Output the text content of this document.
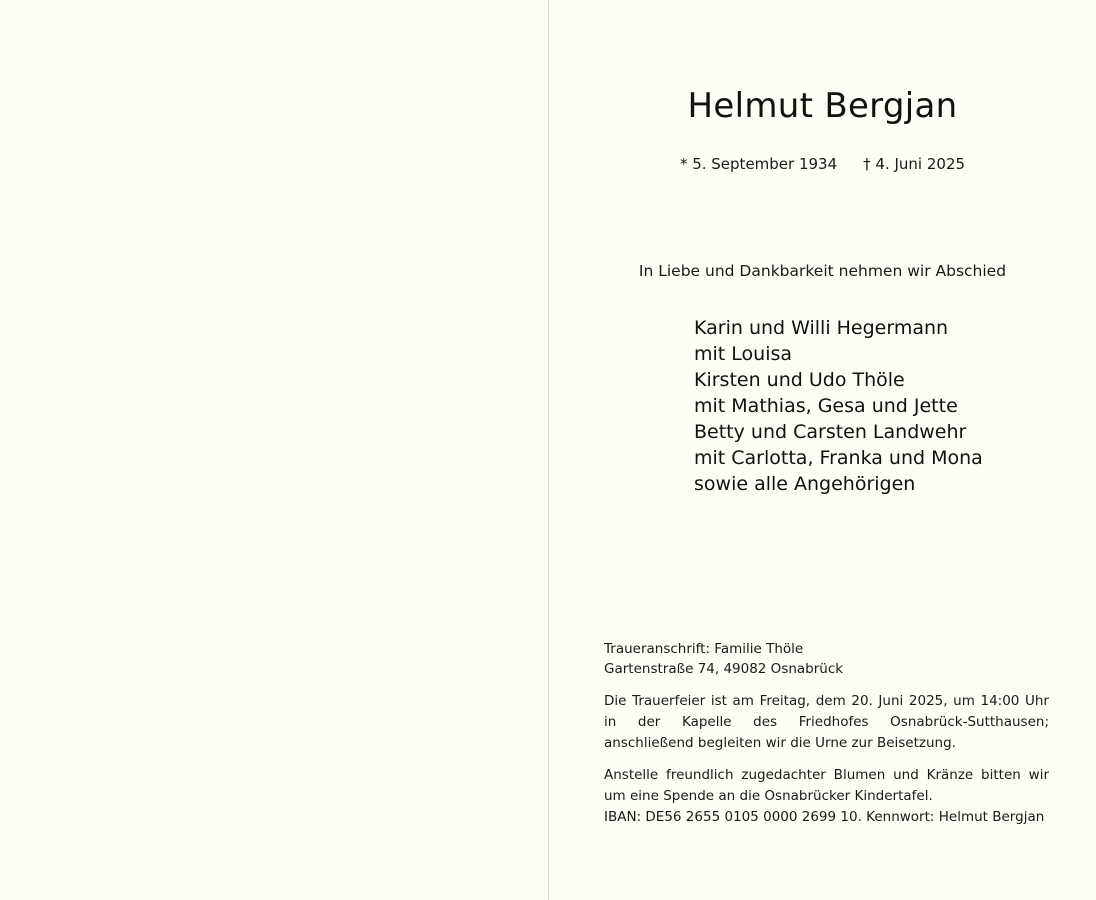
Helmut Bergjan
* 5. September 1934 † 4. Juni 2025
In Liebe und Dankbarkeit nehmen wir Abschied
Karin und Willi Hegermann
mit Louisa
Kirsten und Udo Thöle
mit Mathias, Gesa und Jette
Betty und Carsten Landwehr
mit Carlotta, Franka und Mona
sowie alle Angehörigen
Traueranschrift: Familie Thöle
Gartenstraße 74, 49082 Osnabrück
Die Trauerfeier ist am Freitag, dem 20. Juni 2025, um 14:00 Uhr in der Kapelle des Friedhofes Osnabrück-Sutthausen; anschließend begleiten wir die Urne zur Beisetzung.
Anstelle freundlich zugedachter Blumen und Kränze bitten wir um eine Spende an die Osnabrücker Kindertafel.
IBAN: DE56 2655 0105 0000 2699 10. Kennwort: Helmut Bergjan
